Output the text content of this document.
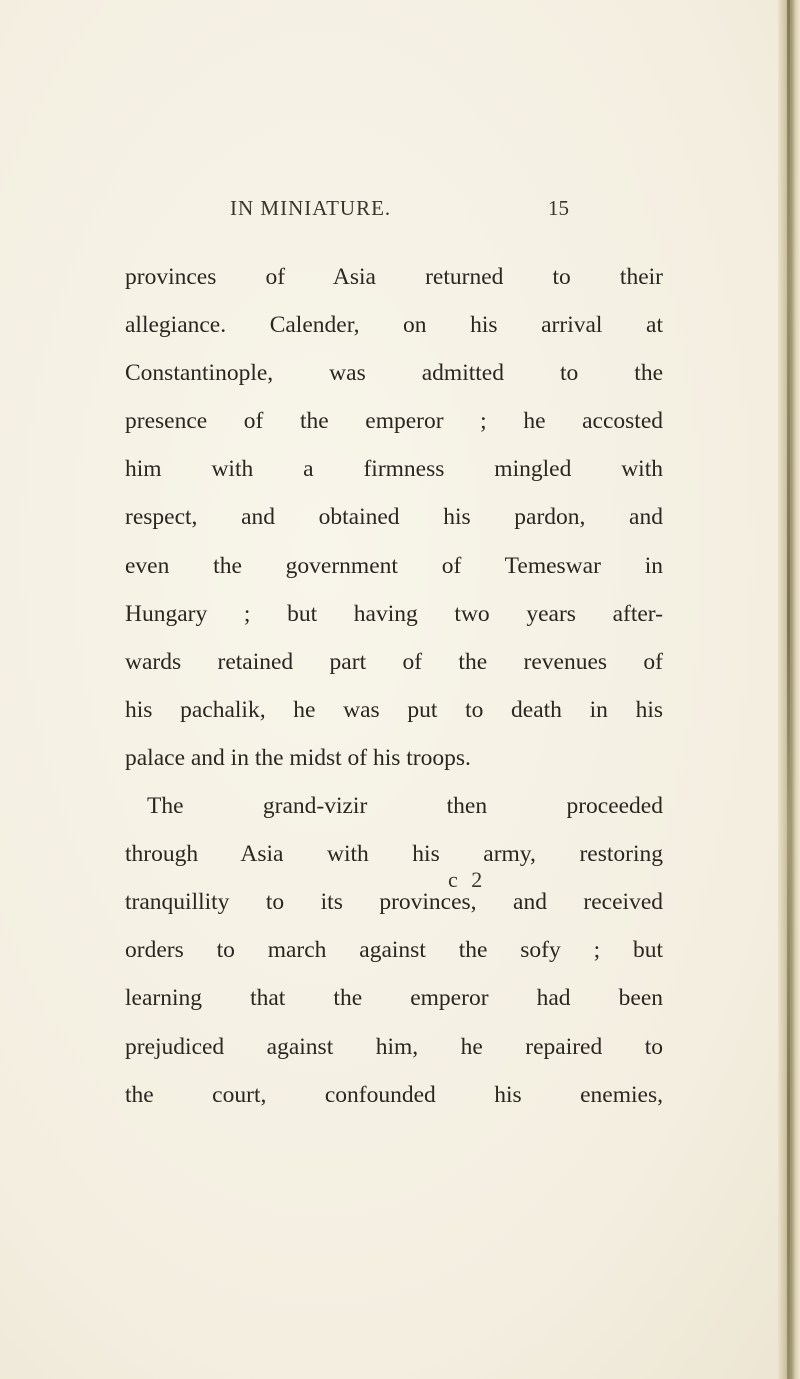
IN MINIATURE.	15
provinces of Asia returned to their
allegiance. Calender, on his arrival at
Constantinople, was admitted to the
presence of the emperor ; he accosted
him with a firmness mingled with
respect, and obtained his pardon, and
even the government of Temeswar in
Hungary ; but having two years after-
wards retained part of the revenues of
his pachalik, he was put to death in his
palace and in the midst of his troops.
The grand-vizir then proceeded
through Asia with his army, restoring
tranquillity to its provinces, and received
orders to march against the sofy ; but
learning that the emperor had been
prejudiced against him, he repaired to
the court, confounded his enemies,
c 2
